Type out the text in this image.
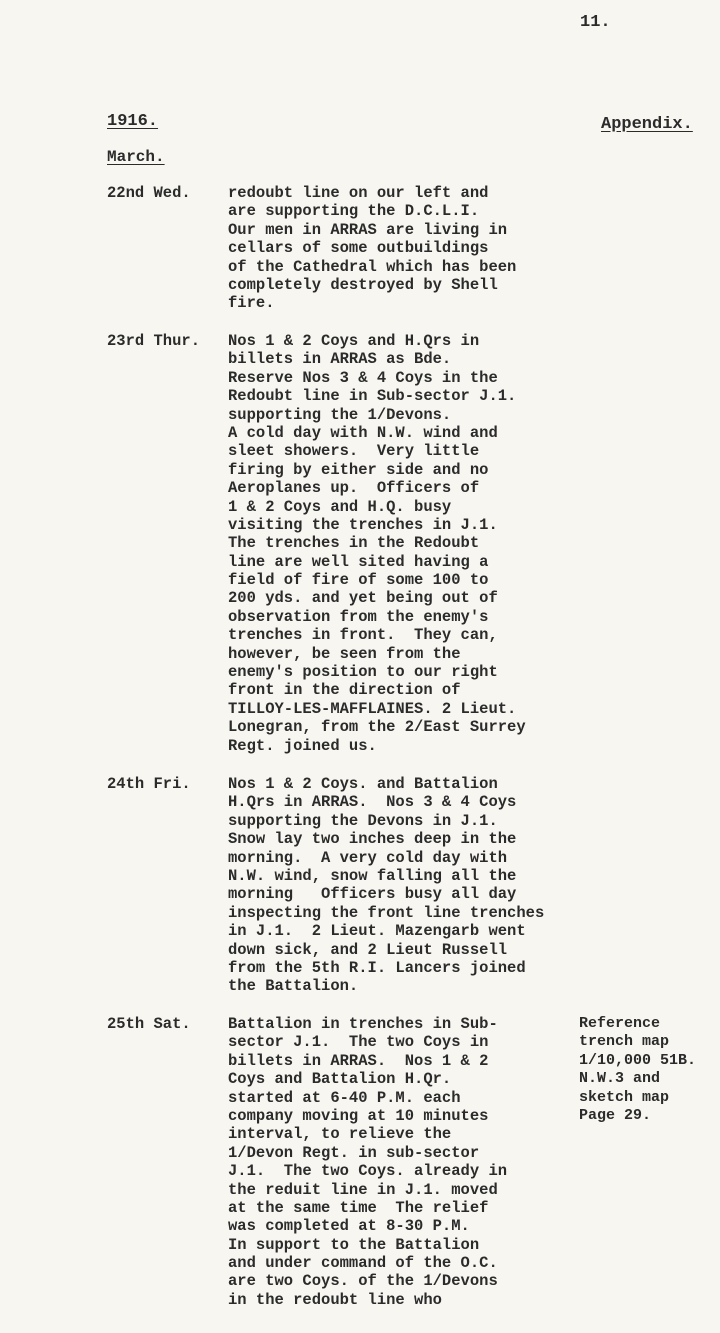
11.
1916.	Appendix.
March.
22nd Wed. redoubt line on our left and
are supporting the D.C.L.I.
Our men in ARRAS are living in
cellars of some outbuildings
of the Cathedral which has been
completely destroyed by Shell
fire.
23rd Thur. Nos 1 & 2 Coys and H.Qrs in
billets in ARRAS as Bde.
Reserve Nos 3 & 4 Coys in the
Redoubt line in Sub-sector J.1.
supporting the 1/Devons.
A cold day with N.W. wind and
sleet showers.  Very little
firing by either side and no
Aeroplanes up.  Officers of
1 & 2 Coys and H.Q. busy
visiting the trenches in J.1.
The trenches in the Redoubt
line are well sited having a
field of fire of some 100 to
200 yds. and yet being out of
observation from the enemy's
trenches in front.  They can,
however, be seen from the
enemy's position to our right
front in the direction of
TILLOY-LES-MAFFLAINES. 2 Lieut.
Lonegran, from the 2/East Surrey
Regt. joined us.
24th Fri. Nos 1 & 2 Coys. and Battalion
H.Qrs in ARRAS.  Nos 3 & 4 Coys
supporting the Devons in J.1.
Snow lay two inches deep in the
morning.  A very cold day with
N.W. wind, snow falling all the
morning   Officers busy all day
inspecting the front line trenches
in J.1.  2 Lieut. Mazengarb went
down sick, and 2 Lieut Russell
from the 5th R.I. Lancers joined
the Battalion.
25th Sat. Battalion in trenches in Sub-
sector J.1.  The two Coys in
billets in ARRAS.  Nos 1 & 2
Coys and Battalion H.Qr.
started at 6-40 P.M. each
company moving at 10 minutes
interval, to relieve the
1/Devon Regt. in sub-sector
J.1.  The two Coys. already in
the reduit line in J.1. moved
at the same time  The relief
was completed at 8-30 P.M.
In support to the Battalion
and under command of the O.C.
are two Coys. of the 1/Devons
in the redoubt line who
Reference
trench map
1/10,000 51B.
N.W.3 and
sketch map
Page 29.
